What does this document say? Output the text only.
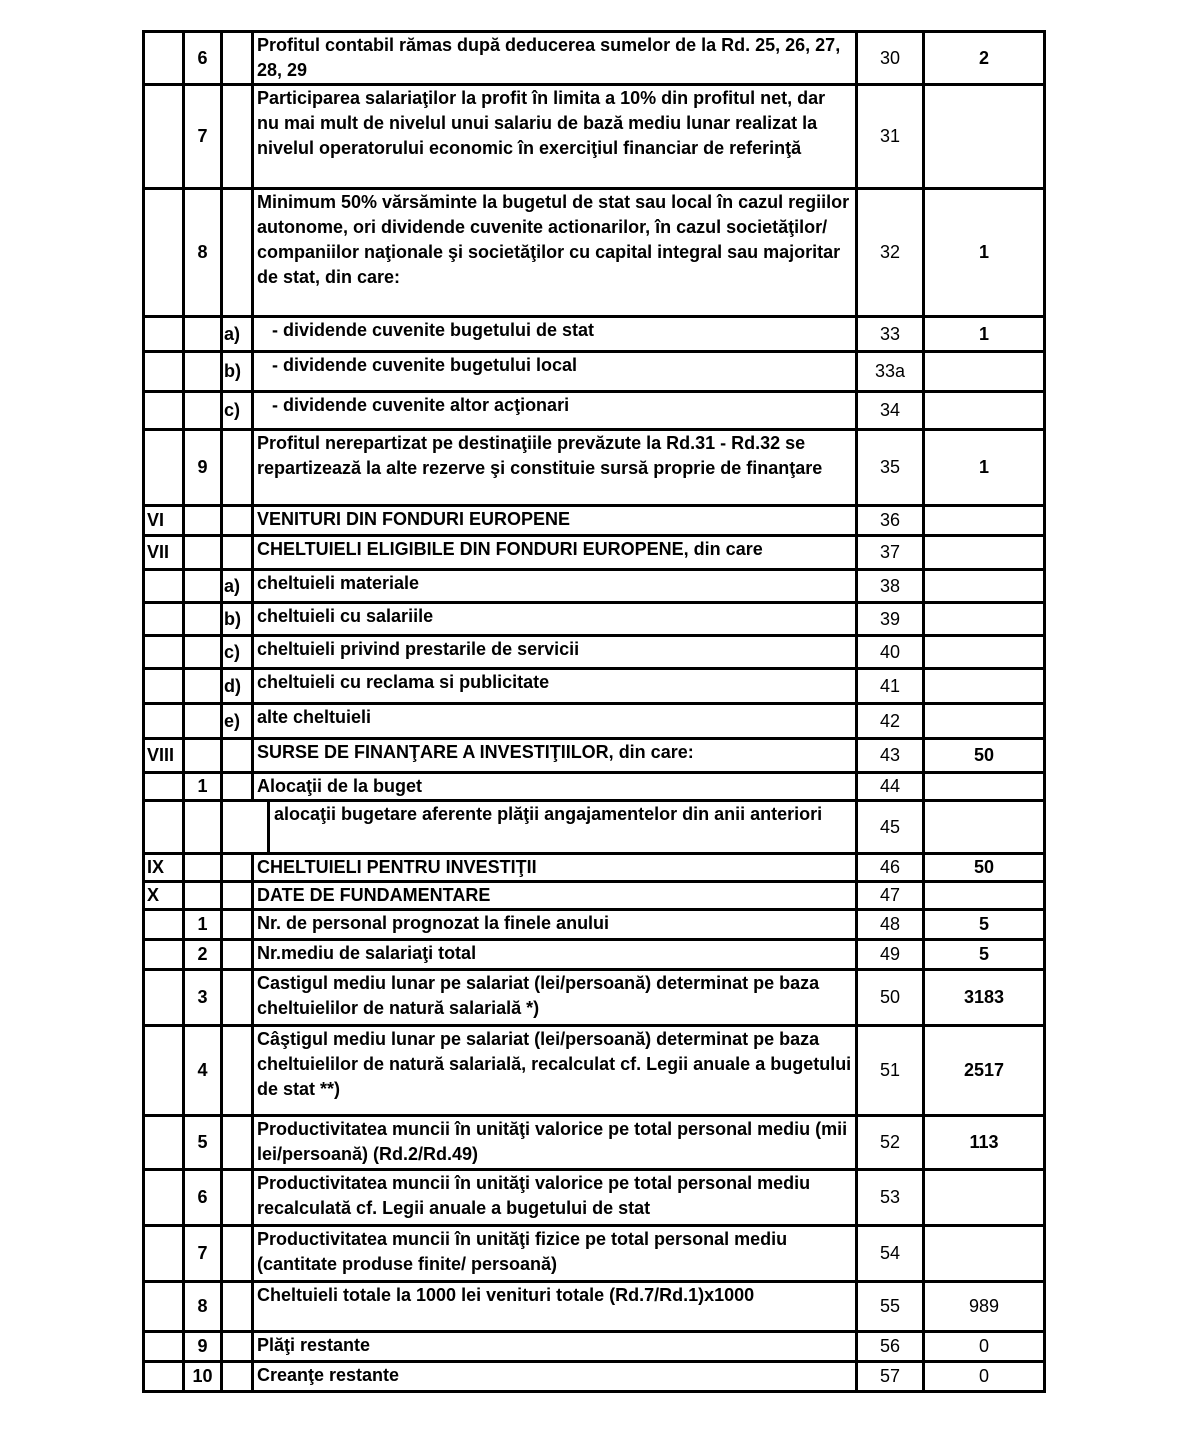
	6		Profitul contabil rămas după deducerea sumelor de la Rd. 25, 26, 27, 28, 29	30	2
	7		Participarea salariaţilor la profit în limita a 10% din profitul net, dar nu mai mult de nivelul unui salariu de bază mediu lunar realizat la nivelul operatorului economic în exerciţiul financiar de referinţă	31	
	8		Minimum 50% vărsăminte la bugetul de stat sau local în cazul regiilor autonome, ori dividende cuvenite actionarilor, în cazul societăţilor/ companiilor naţionale şi societăţilor cu capital integral sau majoritar de stat, din care:	32	1
		a)	- dividende cuvenite bugetului de stat	33	1
		b)	- dividende cuvenite bugetului local	33a	
		c)	- dividende cuvenite altor acţionari	34	
	9		Profitul nerepartizat pe destinaţiile prevăzute la Rd.31 - Rd.32 se repartizează la alte rezerve şi constituie sursă proprie de finanţare	35	1
VI			VENITURI DIN FONDURI EUROPENE	36	
VII			CHELTUIELI ELIGIBILE DIN FONDURI EUROPENE, din care	37	
		a)	cheltuieli materiale	38	
		b)	cheltuieli cu salariile	39	
		c)	cheltuieli privind prestarile de servicii	40	
		d)	cheltuieli cu reclama si publicitate	41	
		e)	alte cheltuieli	42	
VIII			SURSE DE FINANŢARE A INVESTIŢIILOR, din care:	43	50
	1		Alocaţii de la buget	44	

		alocaţii bugetare aferente plăţii angajamentelor din anii anteriori		45	
IX			CHELTUIELI PENTRU INVESTIŢII	46	50
X			DATE DE FUNDAMENTARE	47	
	1		Nr. de personal prognozat la finele anului	48	5
	2		Nr.mediu de salariaţi total	49	5
	3		Castigul mediu lunar pe salariat (lei/persoană) determinat pe baza cheltuielilor de natură salarială *)	50	3183
	4		Câştigul mediu lunar pe salariat (lei/persoană) determinat pe baza cheltuielilor de natură salarială, recalculat cf. Legii anuale a bugetului de stat **)	51	2517
	5		Productivitatea muncii în unităţi valorice pe total personal mediu (mii lei/persoană) (Rd.2/Rd.49)	52	113
	6		Productivitatea muncii în unităţi valorice pe total personal mediu recalculată cf. Legii anuale a bugetului de stat	53	
	7		Productivitatea muncii în unităţi fizice pe total personal mediu (cantitate produse finite/ persoană)	54	
	8		Cheltuieli totale la 1000 lei venituri totale (Rd.7/Rd.1)x1000	55	989
	9		Plăţi restante	56	0
	10		Creanţe restante	57	0
